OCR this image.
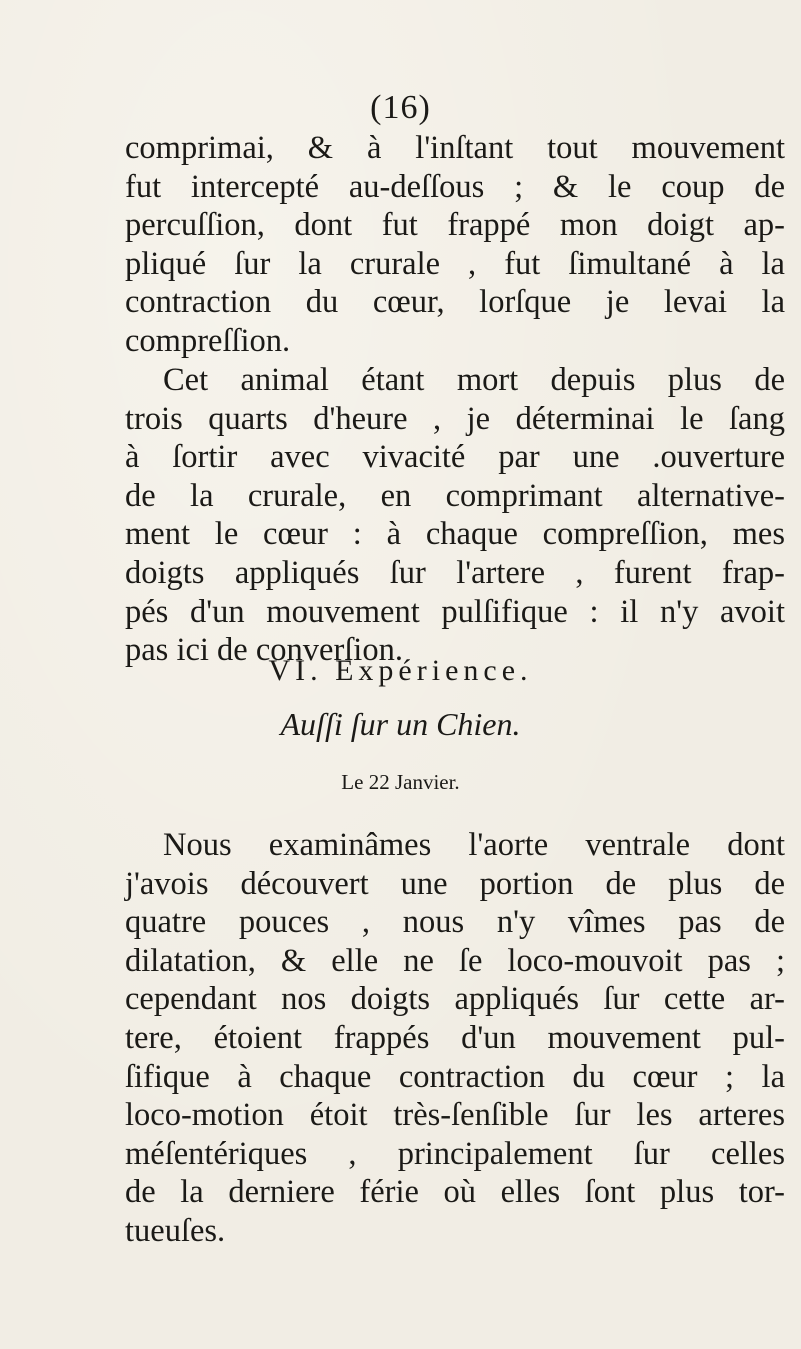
(16)
comprimai, & à l'inſtant tout mouvement
fut intercepté au-deſſous ; & le coup de
percuſſion, dont fut frappé mon doigt ap-
pliqué ſur la crurale , fut ſimultané à la
contraction du cœur, lorſque je levai la
compreſſion.
Cet animal étant mort depuis plus de
trois quarts d'heure , je déterminai le ſang
à ſortir avec vivacité par une .ouverture
de la crurale, en comprimant alternative-
ment le cœur : à chaque compreſſion, mes
doigts appliqués ſur l'artere , furent frap-
pés d'un mouvement pulſifique : il n'y avoit
pas ici de converſion.
VI. Expérience.
Auſſi ſur un Chien.
Le 22 Janvier.
Nous examinâmes l'aorte ventrale dont
j'avois découvert une portion de plus de
quatre pouces , nous n'y vîmes pas de
dilatation, & elle ne ſe loco-mouvoit pas ;
cependant nos doigts appliqués ſur cette ar-
tere, étoient frappés d'un mouvement pul-
ſifique à chaque contraction du cœur ; la
loco-motion étoit très-ſenſible ſur les arteres
méſentériques , principalement ſur celles
de la derniere férie où elles ſont plus tor-
tueuſes.
